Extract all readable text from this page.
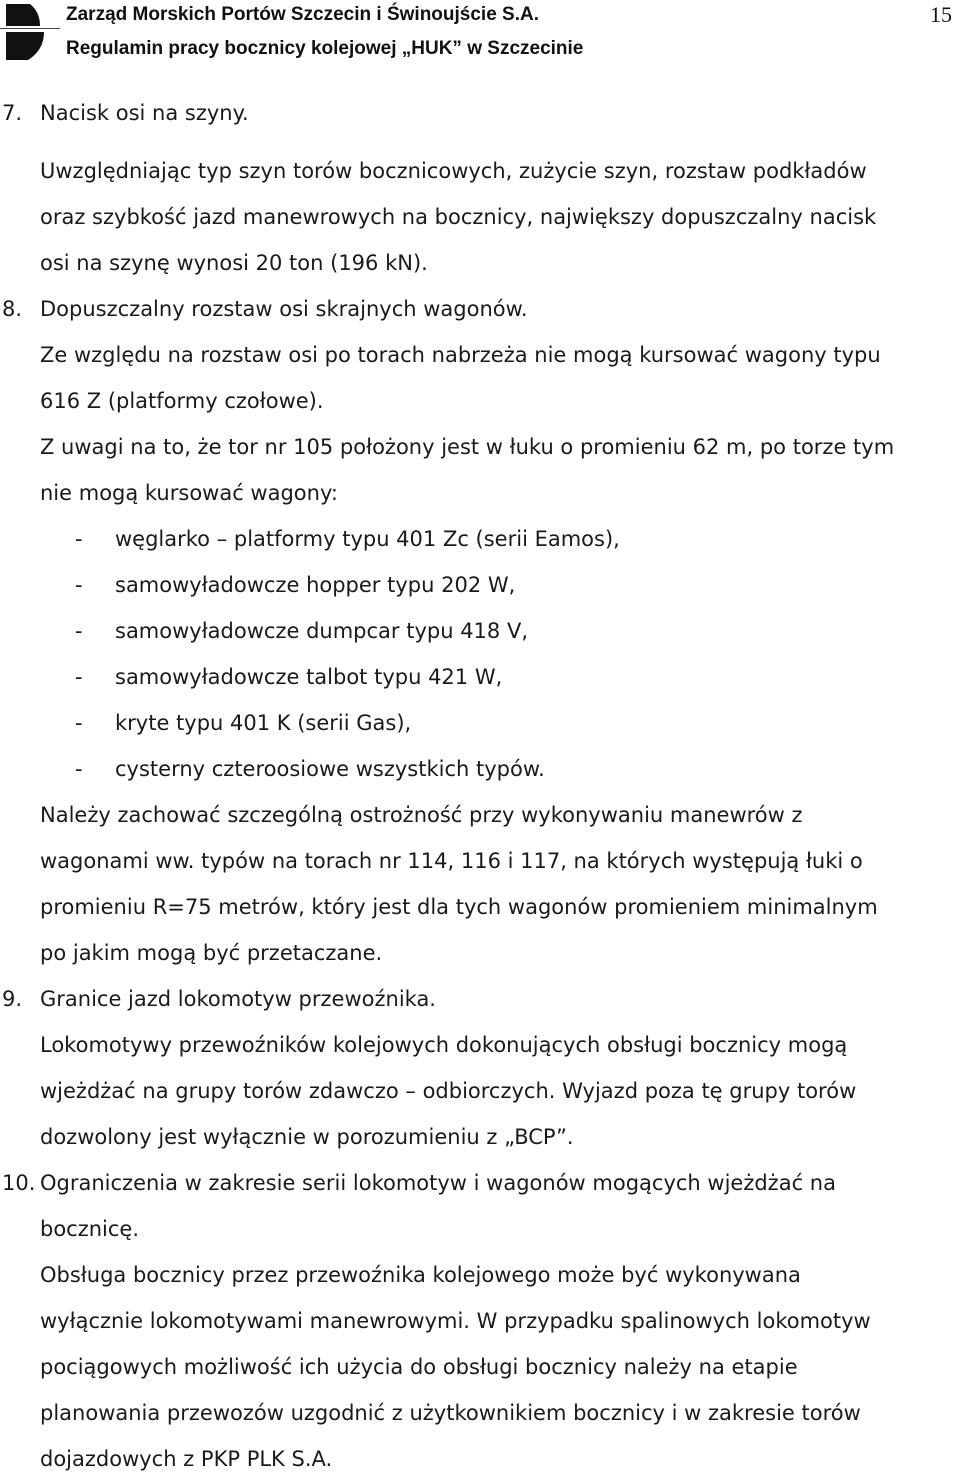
Zarząd Morskich Portów Szczecin i Świnoujście S.A.
Regulamin pracy bocznicy kolejowej „HUK” w Szczecinie
15
7. Nacisk osi na szyny.
Uwzględniając typ szyn torów bocznicowych, zużycie szyn, rozstaw podkładów
oraz szybkość jazd manewrowych na bocznicy, największy dopuszczalny nacisk
osi na szynę wynosi 20 ton (196 kN).
8. Dopuszczalny rozstaw osi skrajnych wagonów.
Ze względu na rozstaw osi po torach nabrzeża nie mogą kursować wagony typu
616 Z (platformy czołowe).
Z uwagi na to, że tor nr 105 położony jest w łuku o promieniu 62 m, po torze tym
nie mogą kursować wagony:
- węglarko – platformy typu 401 Zc (serii Eamos),
- samowyładowcze hopper typu 202 W,
- samowyładowcze dumpcar typu 418 V,
- samowyładowcze talbot typu 421 W,
- kryte typu 401 K (serii Gas),
- cysterny czteroosiowe wszystkich typów.
Należy zachować szczególną ostrożność przy wykonywaniu manewrów z
wagonami ww. typów na torach nr 114, 116 i 117, na których występują łuki o
promieniu R=75 metrów, który jest dla tych wagonów promieniem minimalnym
po jakim mogą być przetaczane.
9. Granice jazd lokomotyw przewoźnika.
Lokomotywy przewoźników kolejowych dokonujących obsługi bocznicy mogą
wjeżdżać na grupy torów zdawczo – odbiorczych. Wyjazd poza tę grupy torów
dozwolony jest wyłącznie w porozumieniu z „BCP”.
10. Ograniczenia w zakresie serii lokomotyw i wagonów mogących wjeżdżać na
bocznicę.
Obsługa bocznicy przez przewoźnika kolejowego może być wykonywana
wyłącznie lokomotywami manewrowymi. W przypadku spalinowych lokomotyw
pociągowych możliwość ich użycia do obsługi bocznicy należy na etapie
planowania przewozów uzgodnić z użytkownikiem bocznicy i w zakresie torów
dojazdowych z PKP PLK S.A.
